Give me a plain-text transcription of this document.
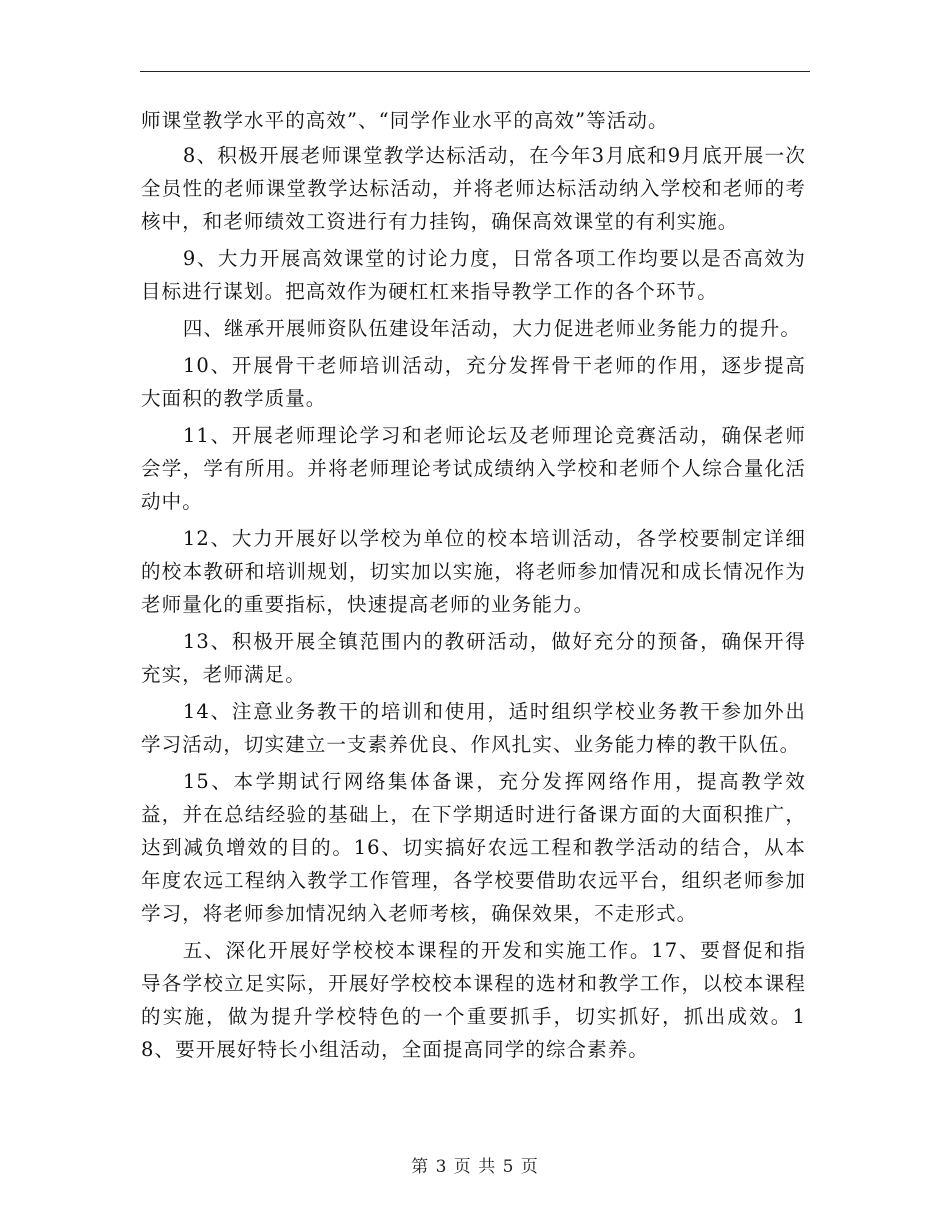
师课堂教学水平的高效”、“同学作业水平的高效”等活动。

8、积极开展老师课堂教学达标活动，在今年3月底和9月底开展一次全员性的老师课堂教学达标活动，并将老师达标活动纳入学校和老师的考核中，和老师绩效工资进行有力挂钩，确保高效课堂的有利实施。

9、大力开展高效课堂的讨论力度，日常各项工作均要以是否高效为目标进行谋划。把高效作为硬杠杠来指导教学工作的各个环节。

四、继承开展师资队伍建设年活动，大力促进老师业务能力的提升。

10、开展骨干老师培训活动，充分发挥骨干老师的作用，逐步提高大面积的教学质量。

11、开展老师理论学习和老师论坛及老师理论竞赛活动，确保老师会学，学有所用。并将老师理论考试成绩纳入学校和老师个人综合量化活动中。

12、大力开展好以学校为单位的校本培训活动，各学校要制定详细的校本教研和培训规划，切实加以实施，将老师参加情况和成长情况作为老师量化的重要指标，快速提高老师的业务能力。

13、积极开展全镇范围内的教研活动，做好充分的预备，确保开得充实，老师满足。

14、注意业务教干的培训和使用，适时组织学校业务教干参加外出学习活动，切实建立一支素养优良、作风扎实、业务能力棒的教干队伍。

15、本学期试行网络集体备课，充分发挥网络作用，提高教学效益，并在总结经验的基础上，在下学期适时进行备课方面的大面积推广，达到减负增效的目的。16、切实搞好农远工程和教学活动的结合，从本年度农远工程纳入教学工作管理，各学校要借助农远平台，组织老师参加学习，将老师参加情况纳入老师考核，确保效果，不走形式。

五、深化开展好学校校本课程的开发和实施工作。17、要督促和指导各学校立足实际，开展好学校校本课程的选材和教学工作，以校本课程的实施，做为提升学校特色的一个重要抓手，切实抓好，抓出成效。18、要开展好特长小组活动，全面提高同学的综合素养。

第 3 页 共 5 页
